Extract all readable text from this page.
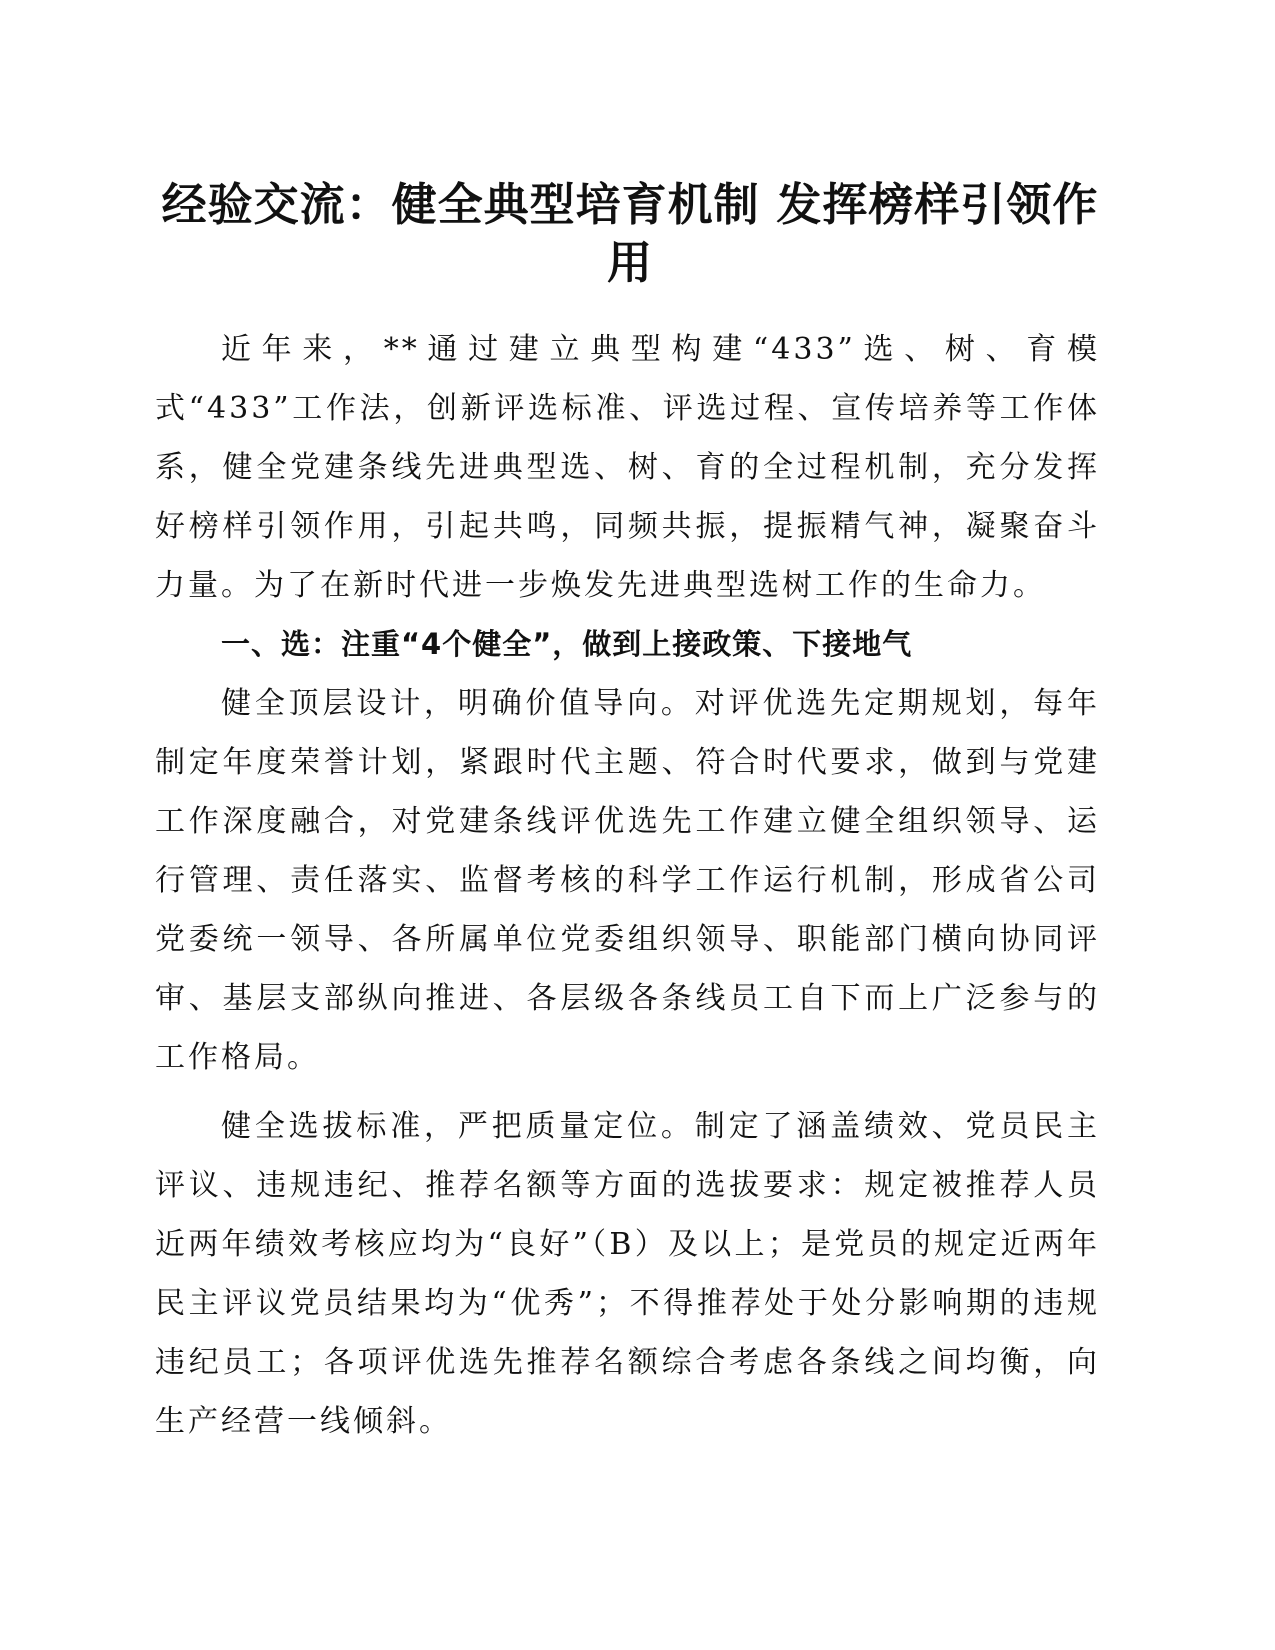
经验交流：健全典型培育机制 发挥榜样引领作用

近年来，**通过建立典型构建“433”选、树、育模式“433”工作法，创新评选标准、评选过程、宣传培养等工作体系，健全党建条线先进典型选、树、育的全过程机制，充分发挥好榜样引领作用，引起共鸣，同频共振，提振精气神，凝聚奋斗力量。为了在新时代进一步焕发先进典型选树工作的生命力。

一、选：注重“4个健全”，做到上接政策、下接地气

健全顶层设计，明确价值导向。对评优选先定期规划，每年制定年度荣誉计划，紧跟时代主题、符合时代要求，做到与党建工作深度融合，对党建条线评优选先工作建立健全组织领导、运行管理、责任落实、监督考核的科学工作运行机制，形成省公司党委统一领导、各所属单位党委组织领导、职能部门横向协同评审、基层支部纵向推进、各层级各条线员工自下而上广泛参与的工作格局。

健全选拔标准，严把质量定位。制定了涵盖绩效、党员民主评议、违规违纪、推荐名额等方面的选拔要求：规定被推荐人员近两年绩效考核应均为“良好”（B）及以上；是党员的规定近两年民主评议党员结果均为“优秀”；不得推荐处于处分影响期的违规违纪员工；各项评优选先推荐名额综合考虑各条线之间均衡，向生产经营一线倾斜。
